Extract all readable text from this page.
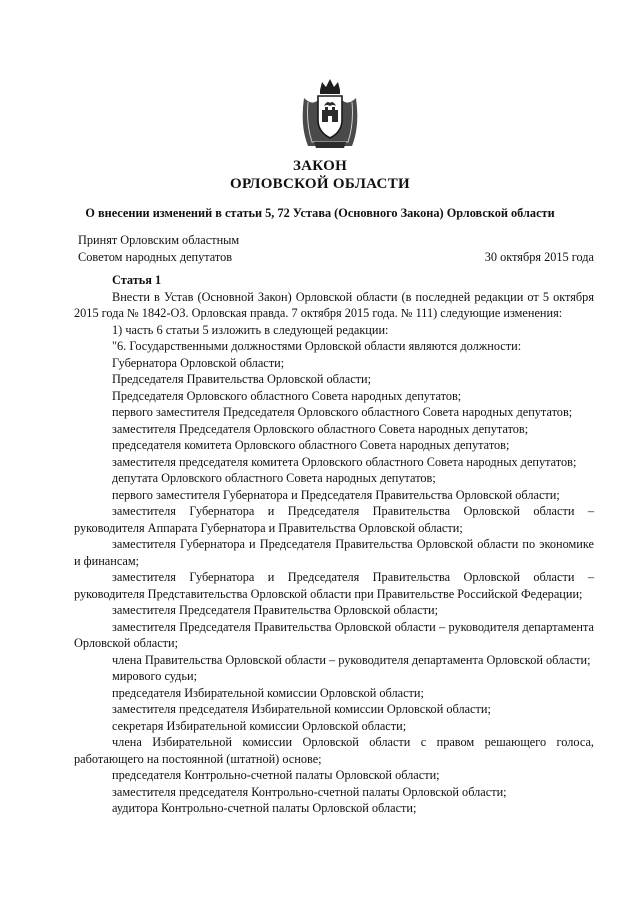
ЗАКОН
ОРЛОВСКОЙ ОБЛАСТИ
О внесении изменений в статьи 5, 72 Устава (Основного Закона) Орловской области
Принят Орловским областным
Советом народных депутатов	30 октября 2015 года

Статья 1

Внести в Устав (Основной Закон) Орловской области (в последней редакции от 5 октября 2015 года № 1842-ОЗ. Орловская правда. 7 октября 2015 года. № 111) следующие изменения:

1) часть 6 статьи 5 изложить в следующей редакции:

"6. Государственными должностями Орловской области являются должности:

Губернатора Орловской области;

Председателя Правительства Орловской области;

Председателя Орловского областного Совета народных депутатов;

первого заместителя Председателя Орловского областного Совета народных депутатов;

заместителя Председателя Орловского областного Совета народных депутатов;

председателя комитета Орловского областного Совета народных депутатов;

заместителя председателя комитета Орловского областного Совета народных депутатов;

депутата Орловского областного Совета народных депутатов;

первого заместителя Губернатора и Председателя Правительства Орловской области;

заместителя Губернатора и Председателя Правительства Орловской области – руководителя Аппарата Губернатора и Правительства Орловской области;

заместителя Губернатора и Председателя Правительства Орловской области по экономике и финансам;

заместителя Губернатора и Председателя Правительства Орловской области – руководителя Представительства Орловской области при Правительстве Российской Федерации;

заместителя Председателя Правительства Орловской области;

заместителя Председателя Правительства Орловской области – руководителя департамента Орловской области;

члена Правительства Орловской области – руководителя департамента Орловской области;

мирового судьи;

председателя Избирательной комиссии Орловской области;

заместителя председателя Избирательной комиссии Орловской области;

секретаря Избирательной комиссии Орловской области;

члена Избирательной комиссии Орловской области с правом решающего голоса, работающего на постоянной (штатной) основе;

председателя Контрольно-счетной палаты Орловской области;

заместителя председателя Контрольно-счетной палаты Орловской области;

аудитора Контрольно-счетной палаты Орловской области;
